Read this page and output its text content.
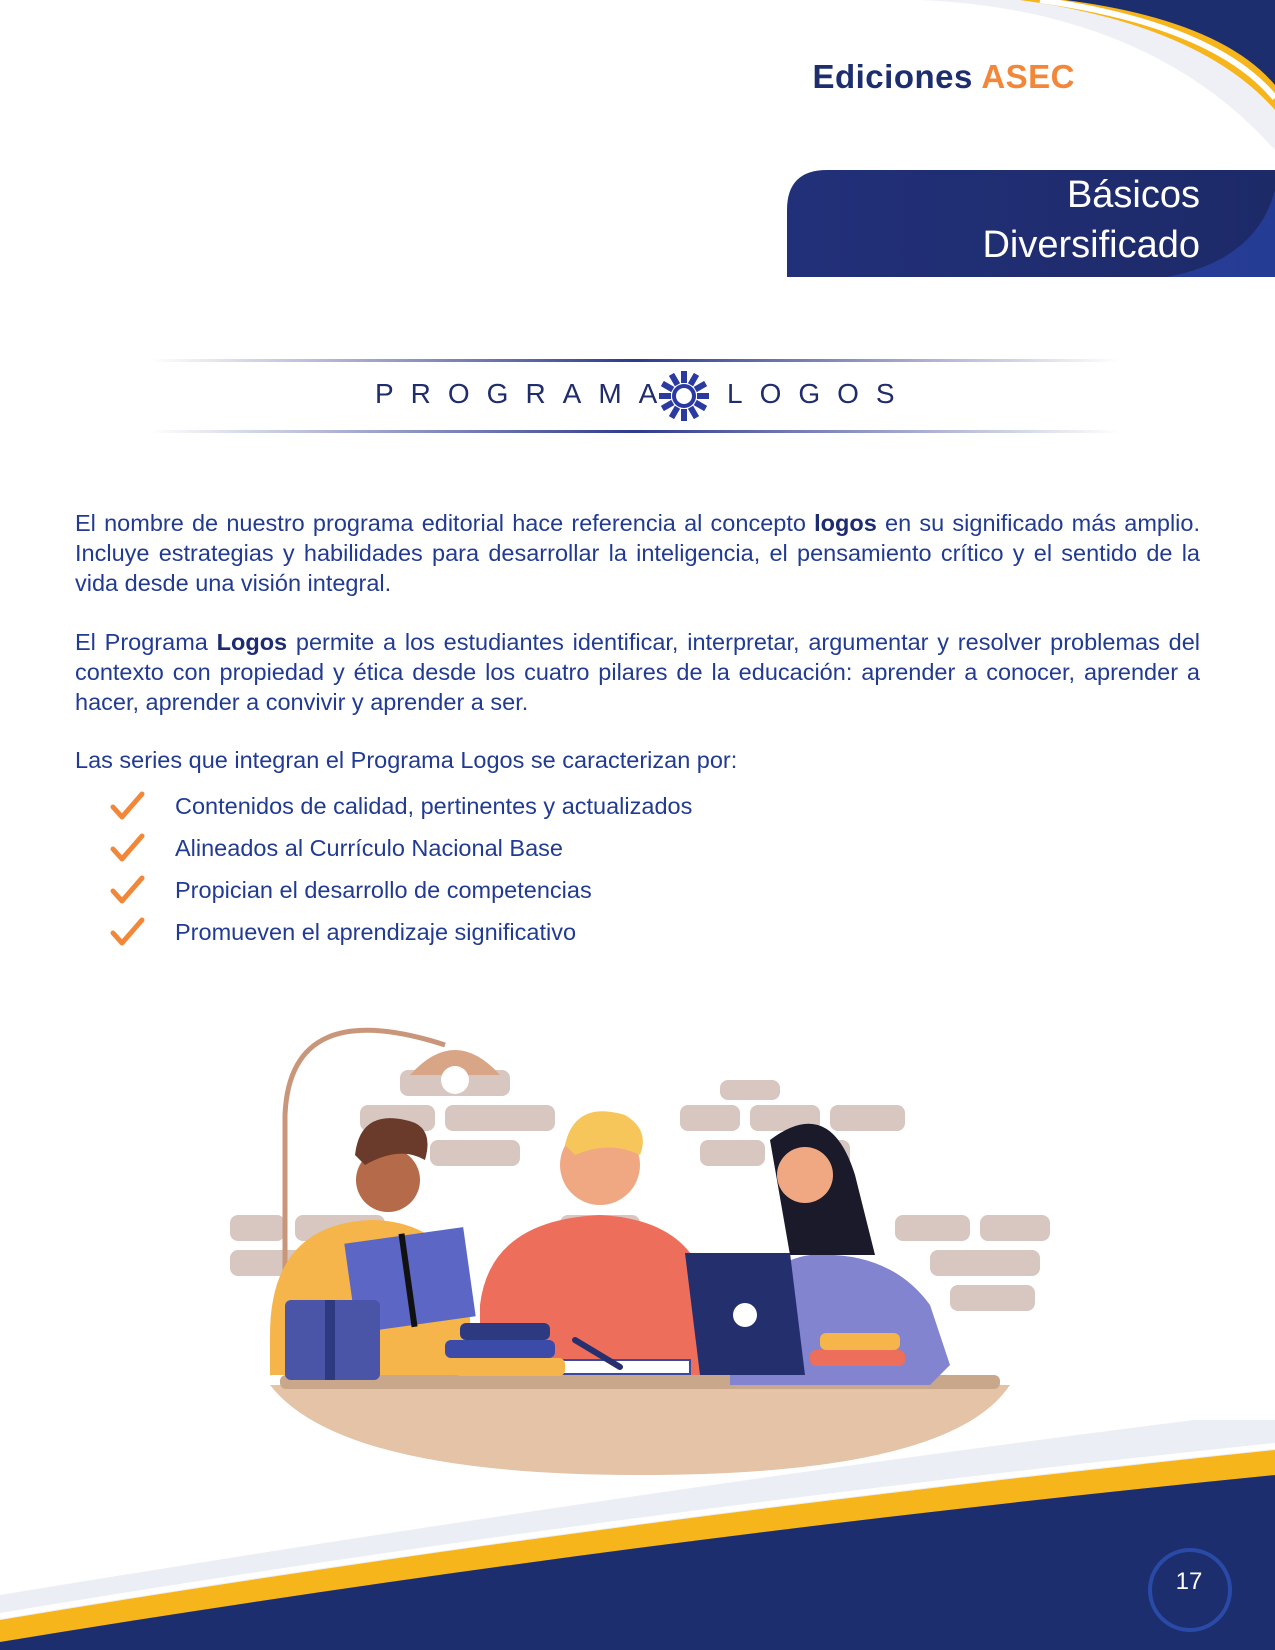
Ediciones ASEC
Básicos
Diversificado
PROGRAMA LOGOS
El nombre de nuestro programa editorial hace referencia al concepto logos en su significado más amplio. Incluye estrategias y habilidades para desarrollar la inteligencia, el pensamiento crítico y el sentido de la vida desde una visión integral.
El Programa Logos permite a los estudiantes identificar, interpretar, argumentar y resolver problemas del contexto con propiedad y ética desde los cuatro pilares de la educación: aprender a conocer, aprender a hacer, aprender a convivir y aprender a ser.
Las series que integran el Programa Logos se caracterizan por:
Contenidos de calidad, pertinentes y actualizados
Alineados al Currículo Nacional Base
Propician el desarrollo de competencias
Promueven el aprendizaje significativo
17
